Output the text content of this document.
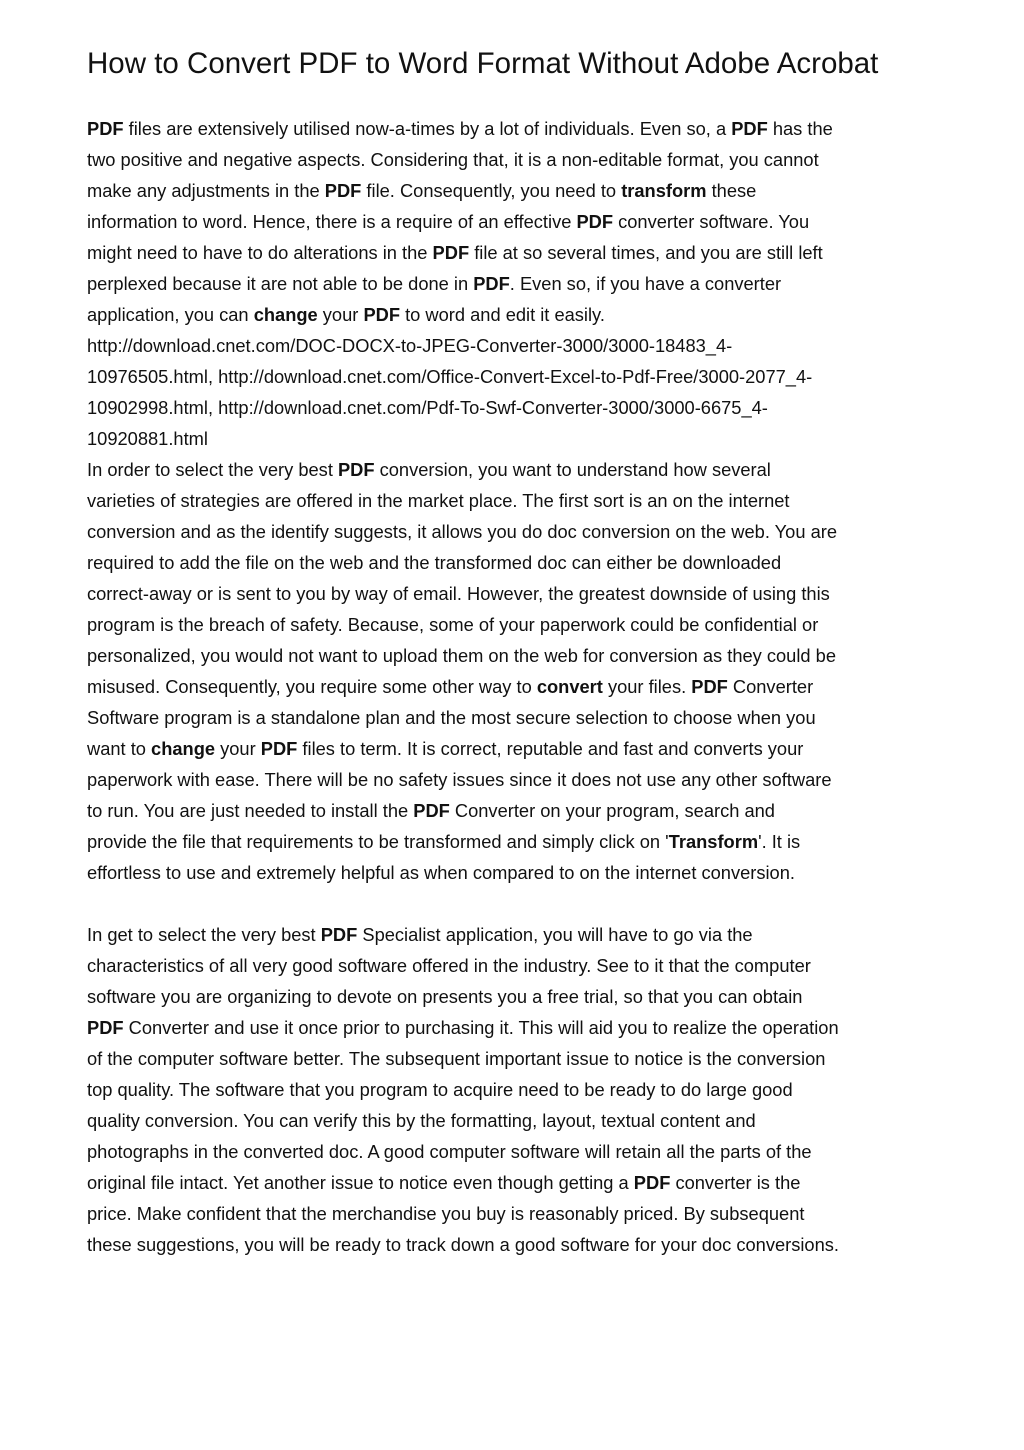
How to Convert PDF to Word Format Without Adobe Acrobat
PDF files are extensively utilised now-a-times by a lot of individuals. Even so, a PDF has the
two positive and negative aspects. Considering that, it is a non-editable format, you cannot
make any adjustments in the PDF file. Consequently, you need to transform these
information to word. Hence, there is a require of an effective PDF converter software. You
might need to have to do alterations in the PDF file at so several times, and you are still left
perplexed because it are not able to be done in PDF. Even so, if you have a converter
application, you can change your PDF to word and edit it easily.
http://download.cnet.com/DOC-DOCX-to-JPEG-Converter-3000/3000-18483_4-
10976505.html, http://download.cnet.com/Office-Convert-Excel-to-Pdf-Free/3000-2077_4-
10902998.html, http://download.cnet.com/Pdf-To-Swf-Converter-3000/3000-6675_4-
10920881.html
In order to select the very best PDF conversion, you want to understand how several
varieties of strategies are offered in the market place. The first sort is an on the internet
conversion and as the identify suggests, it allows you do doc conversion on the web. You are
required to add the file on the web and the transformed doc can either be downloaded
correct-away or is sent to you by way of email. However, the greatest downside of using this
program is the breach of safety. Because, some of your paperwork could be confidential or
personalized, you would not want to upload them on the web for conversion as they could be
misused. Consequently, you require some other way to convert your files. PDF Converter
Software program is a standalone plan and the most secure selection to choose when you
want to change your PDF files to term. It is correct, reputable and fast and converts your
paperwork with ease. There will be no safety issues since it does not use any other software
to run. You are just needed to install the PDF Converter on your program, search and
provide the file that requirements to be transformed and simply click on 'Transform'. It is
effortless to use and extremely helpful as when compared to on the internet conversion.
In get to select the very best PDF Specialist application, you will have to go via the
characteristics of all very good software offered in the industry. See to it that the computer
software you are organizing to devote on presents you a free trial, so that you can obtain
PDF Converter and use it once prior to purchasing it. This will aid you to realize the operation
of the computer software better. The subsequent important issue to notice is the conversion
top quality. The software that you program to acquire need to be ready to do large good
quality conversion. You can verify this by the formatting, layout, textual content and
photographs in the converted doc. A good computer software will retain all the parts of the
original file intact. Yet another issue to notice even though getting a PDF converter is the
price. Make confident that the merchandise you buy is reasonably priced. By subsequent
these suggestions, you will be ready to track down a good software for your doc conversions.
